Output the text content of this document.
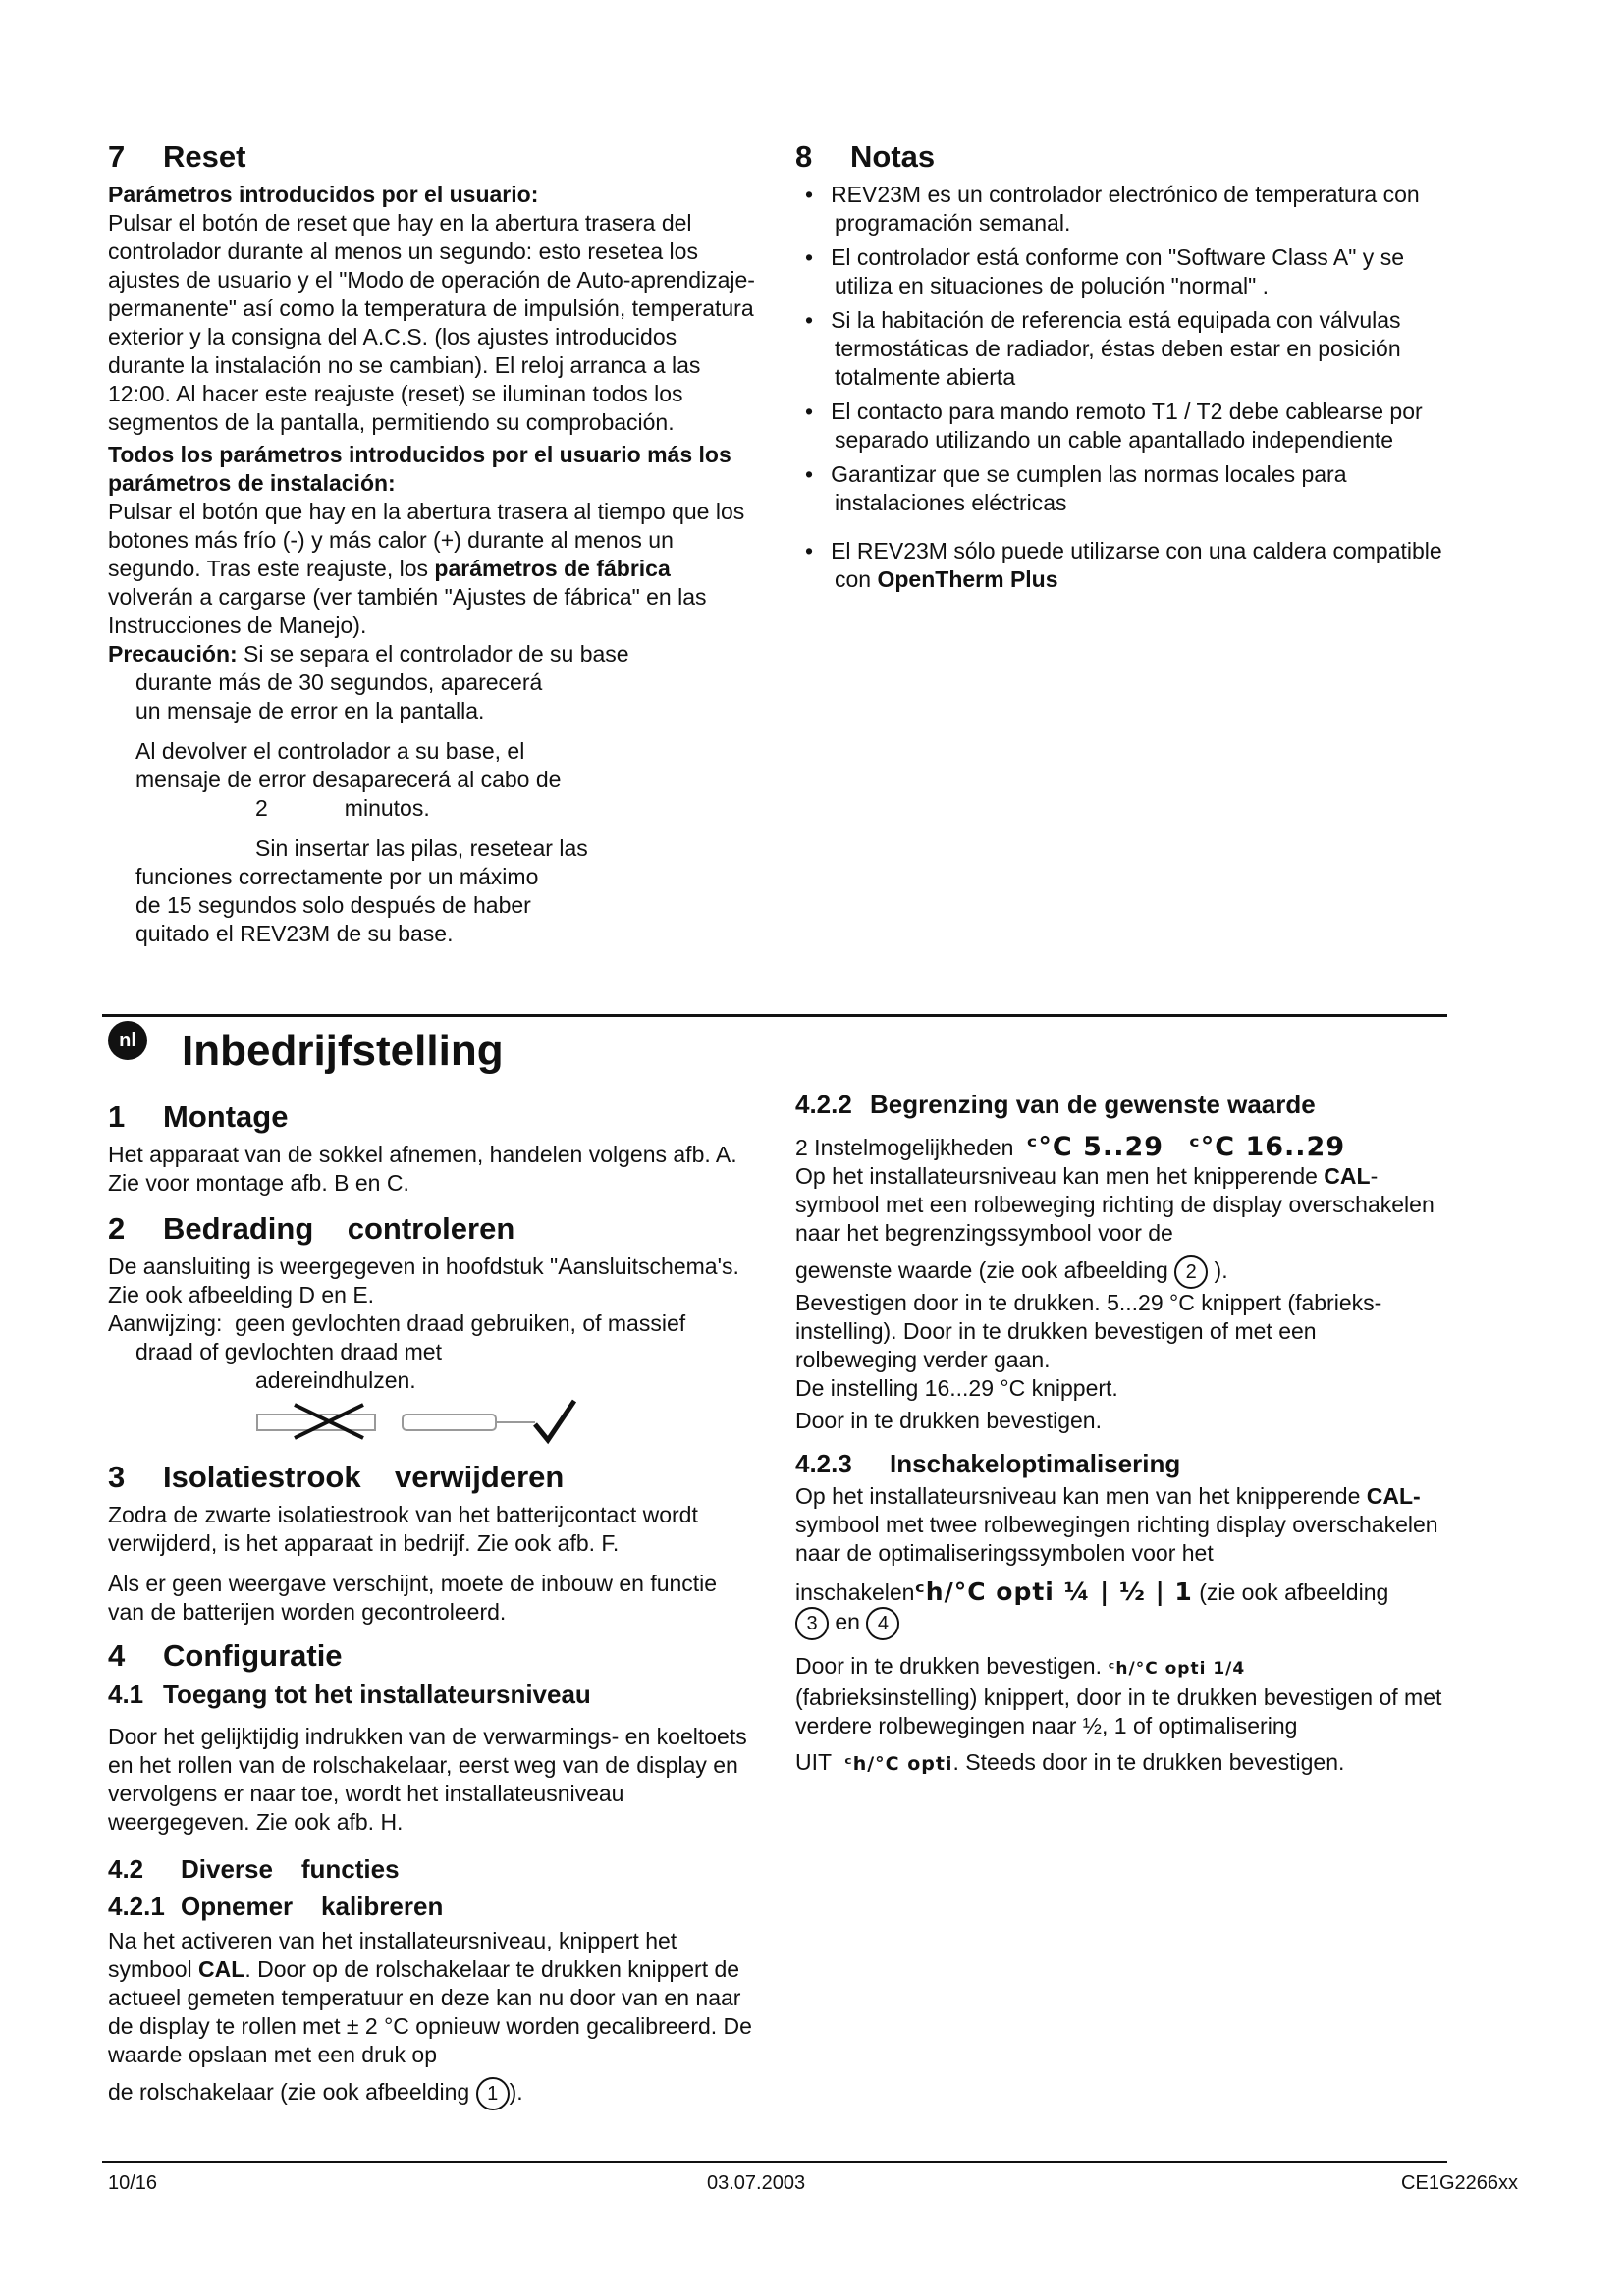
7 Reset

Parámetros introducidos por el usuario:

Pulsar el botón de reset que hay en la abertura trasera del controlador durante al menos un segundo: esto resetea los ajustes de usuario y el "Modo de operación de Auto-aprendizaje-permanente" así como la temperatura de impulsión, temperatura exterior y la consigna del A.C.S. (los ajustes introducidos durante la instalación no se cambian). El reloj arranca a las 12:00. Al hacer este reajuste (reset) se iluminan todos los segmentos de la pantalla, permitiendo su comprobación.

Todos los parámetros introducidos por el usuario más los parámetros de instalación:

Pulsar el botón que hay en la abertura trasera al tiempo que los botones más frío (-) y más calor (+) durante al menos un segundo. Tras este reajuste, los parámetros de fábrica volverán a cargarse (ver también "Ajustes de fábrica" en las Instrucciones de Manejo).

Precaución: Si se separa el controlador de su base

durante más de 30 segundos, aparecerá

un mensaje de error en la pantalla.

Al devolver el controlador a su base, el

mensaje de error desaparecerá al cabo de

2	minutos.

Sin insertar las pilas, resetear las

funciones correctamente por un máximo

de 15 segundos solo después de haber

quitado el REV23M de su base.

8 Notas
• REV23M es un controlador electrónico de temperatura con programación semanal.
• El controlador está conforme con "Software Class A" y se utiliza en situaciones de polución "normal" .
• Si la habitación de referencia está equipada con válvulas termostáticas de radiador, éstas deben estar en posición totalmente abierta
• El contacto para mando remoto T1 / T2 debe cablearse por separado utilizando un cable apantallado independiente
• Garantizar que se cumplen las normas locales para instalaciones eléctricas
• El REV23M sólo puede utilizarse con una caldera compatible con OpenTherm Plus
nl Inbedrijfstelling
1 Montage

Het apparaat van de sokkel afnemen, handelen volgens afb. A. Zie voor montage afb. B en C.

2 Bedrading    controleren

De aansluiting is weergegeven in hoofdstuk "Aansluitschema's. Zie ook afbeelding D en E.

Aanwijzing:  geen gevlochten draad gebruiken, of massief

draad of gevlochten draad met

adereindhulzen.

3 Isolatiestrook    verwijderen

Zodra de zwarte isolatiestrook van het batterijcontact wordt verwijderd, is het apparaat in bedrijf. Zie ook afb. F.

Als er geen weergave verschijnt, moete de inbouw en functie van de batterijen worden gecontroleerd.

4 Configuratie
4.1 Toegang tot het installateursniveau

Door het gelijktijdig indrukken van de verwarmings- en koeltoets en het rollen van de rolschakelaar, eerst weg van de display en vervolgens er naar toe, wordt het installateusniveau weergegeven. Zie ook afb. H.

4.2 Diverse    functies
4.2.1 Opnemer    kalibreren

Na het activeren van het installateursniveau, knippert het symbool CAL. Door op de rolschakelaar te drukken knippert de actueel gemeten temperatuur en deze kan nu door van en naar de display te rollen met ± 2 °C opnieuw worden gecalibreerd. De waarde opslaan met een druk op

de rolschakelaar (zie ook afbeelding 1 ).

4.2.2 Begrenzing van de gewenste waarde

2 Instelmogelijkheden ᶜ°C 5..29 ᶜ°C 16..29

Op het installateursniveau kan men het knipperende CAL-symbool met een rolbeweging richting de display overschakelen naar het begrenzingssymbool voor de

gewenste waarde (zie ook afbeelding 2 ).

Bevestigen door in te drukken. 5...29 °C knippert (fabrieks-instelling). Door in te drukken bevestigen of met een rolbeweging verder gaan.

De instelling 16...29 °C knippert.

Door in te drukken bevestigen.

4.2.3 Inschakeloptimalisering

Op het installateursniveau kan men van het knipperende CAL- symbool met twee rolbewegingen richting display overschakelen naar de optimaliseringssymbolen voor het

inschakelenᶜh/°C opti ¼ | ½ | 1 (zie ook afbeelding

3 en 4

Door in te drukken bevestigen. ᶜh/°C opti 1/4

(fabrieksinstelling) knippert, door in te drukken bevestigen of met verdere rolbewegingen naar ½, 1 of optimalisering

UIT ᶜh/°C opti. Steeds door in te drukken bevestigen.

10/16	03.07.2003	CE1G2266xx
